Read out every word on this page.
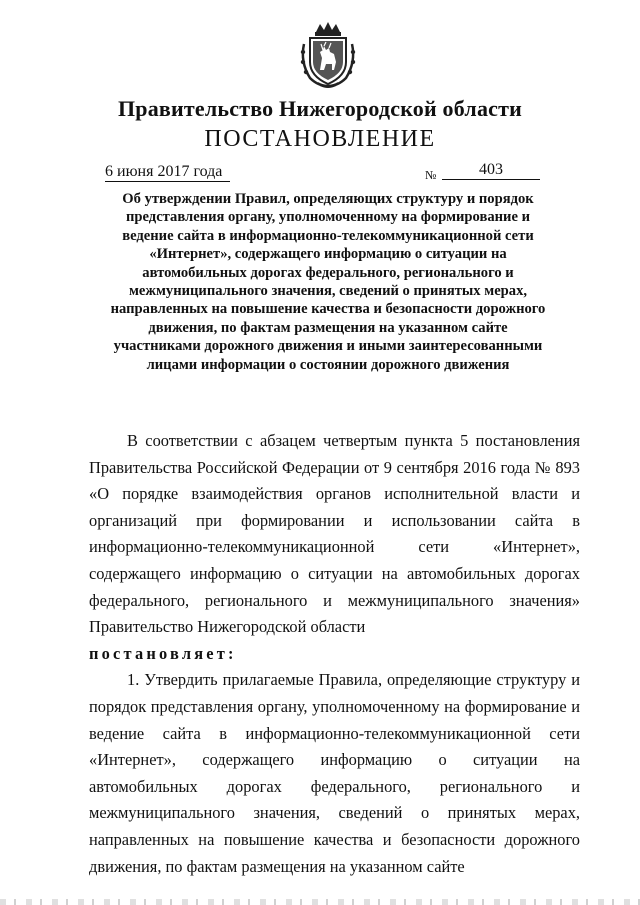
Правительство Нижегородской области
ПОСТАНОВЛЕНИЕ
6 июня 2017 года	№	403
Об утверждении Правил, определяющих структуру и порядок представления органу, уполномоченному на формирование и ведение сайта в информационно-телекоммуникационной сети «Интернет», содержащего информацию о ситуации на автомобильных дорогах федерального, регионального и межмуниципального значения, сведений о принятых мерах, направленных на повышение качества и безопасности дорожного движения, по фактам размещения на указанном сайте участниками дорожного движения и иными заинтересованными лицами информации о состоянии дорожного движения

В соответствии с абзацем четвертым пункта 5 постановления Правительства Российской Федерации от 9 сентября 2016 года № 893 «О порядке взаимодействия органов исполнительной власти и организаций при формировании и использовании сайта в информационно-телекоммуникационной сети «Интернет», содержащего информацию о ситуации на автомобильных дорогах федерального, регионального и межмуниципального значения» Правительство Нижегородской области

постановляет:

1. Утвердить прилагаемые Правила, определяющие структуру и порядок представления органу, уполномоченному на формирование и ведение сайта в информационно-телекоммуникационной сети «Интернет», содержащего информацию о ситуации на автомобильных дорогах федерального, регионального и межмуниципального значения, сведений о принятых мерах, направленных на повышение качества и безопасности дорожного движения, по фактам размещения на указанном сайте
